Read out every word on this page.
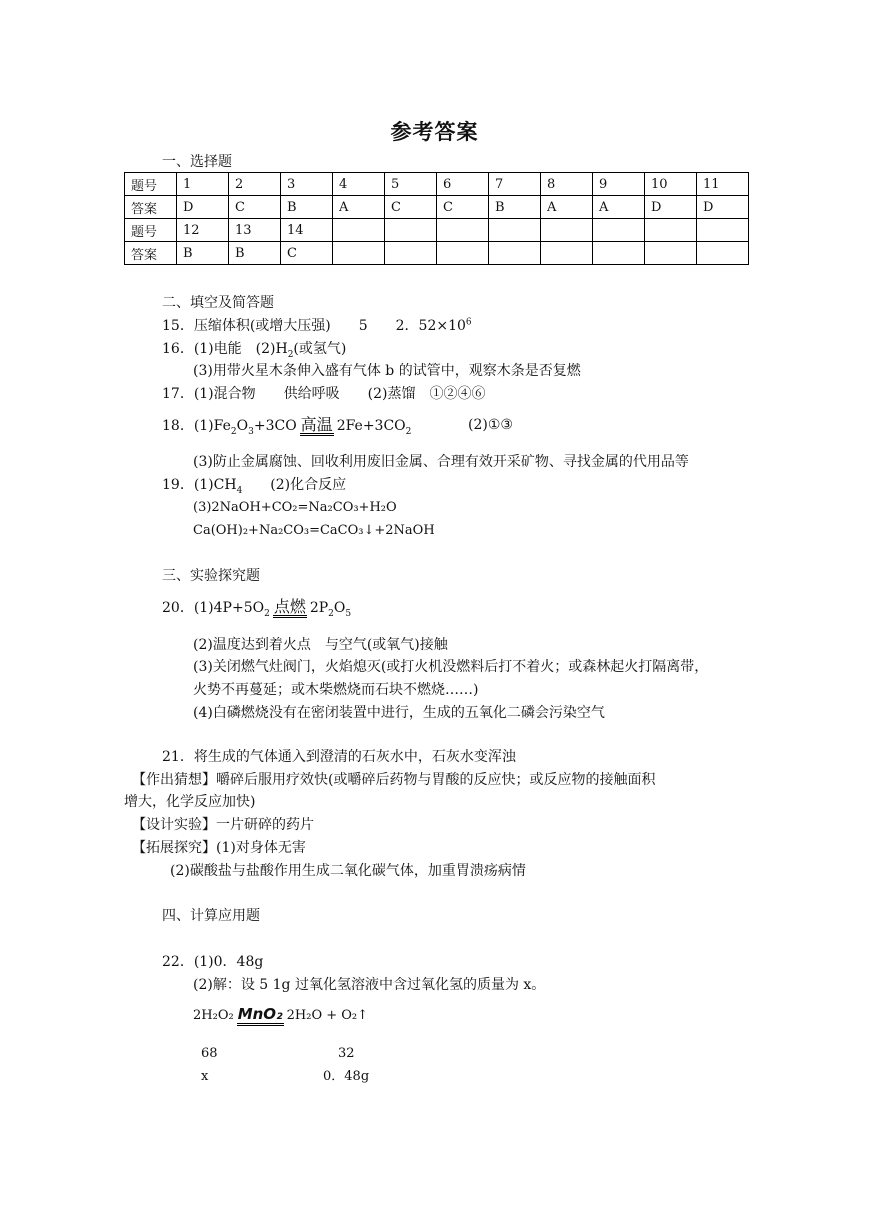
参考答案
一、选择题
题号	1	2	3	4	5	6	7	8	9	10	11
答案	D	C	B	A	C	C	B	A	A	D	D
题号	12	13	14								
答案	B	B	C								
二、填空及简答题
15．压缩体积(或增大压强)　　5　　2．$52\times 10^6$
16．(1)电能　$(2)H_2$(或氢气)
(3)用带火星木条伸入盛有气体 b 的试管中，观察木条是否复燃
17．(1)混合物　　供给呼吸　　(2)蒸馏　①②④⑥
18．$(1)Fe_2O_3+3CO$ 高温 $2Fe+3CO_2$	(2)①③
(3)防止金属腐蚀、回收利用废旧金属、合理有效开采矿物、寻找金属的代用品等
19．$(1)CH_4$　　(2)化合反应
(3)2NaOH+CO₂=Na₂CO₃+H₂O
Ca(OH)₂+Na₂CO₃=CaCO₃↓+2NaOH
三、实验探究题
20．$(1)4P+5O_2$ 点燃 $2P_2O_5$
(2)温度达到着火点　与空气(或氧气)接触
(3)关闭燃气灶阀门，火焰熄灭(或打火机没燃料后打不着火；或森林起火打隔离带，
火势不再蔓延；或木柴燃烧而石块不燃烧……)
(4)白磷燃烧没有在密闭装置中进行，生成的五氧化二磷会污染空气
21．将生成的气体通入到澄清的石灰水中，石灰水变浑浊
【作出猜想】嚼碎后服用疗效快(或嚼碎后药物与胃酸的反应快；或反应物的接触面积
增大，化学反应加快)
【设计实验】一片研碎的药片
【拓展探究】(1)对身体无害
(2)碳酸盐与盐酸作用生成二氧化碳气体，加重胃溃疡病情
四、计算应用题
22．(1)0．48g
(2)解：设 5 1g 过氧化氢溶液中含过氧化氢的质量为 x。
2H₂O₂ MnO₂ 2H₂O + O₂↑
68	32
x	0．48g
